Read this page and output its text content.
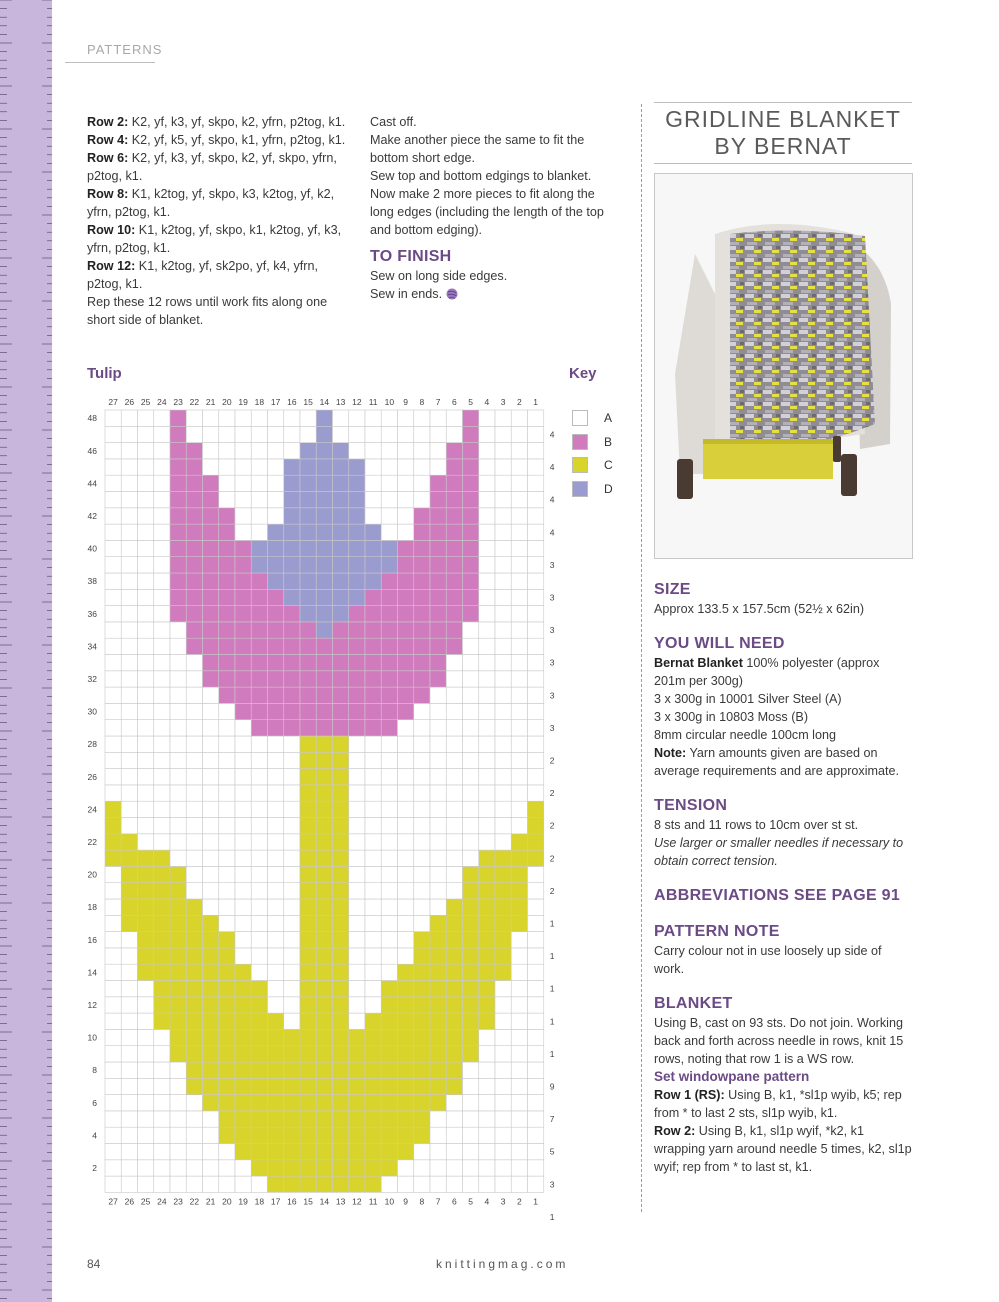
PATTERNS

Row 2: K2, yf, k3, yf, skpo, k2, yfrn, p2tog, k1.

Row 4: K2, yf, k5, yf, skpo, k1, yfrn, p2tog, k1.

Row 6: K2, yf, k3, yf, skpo, k2, yf, skpo, yfrn, p2tog, k1.

Row 8: K1, k2tog, yf, skpo, k3, k2tog, yf, k2, yfrn, p2tog, k1.

Row 10: K1, k2tog, yf, skpo, k1, k2tog, yf, k3, yfrn, p2tog, k1.

Row 12: K1, k2tog, yf, sk2po, yf, k4, yfrn, p2tog, k1.

Rep these 12 rows until work fits along one short side of blanket.

Cast off.

Make another piece the same to fit the bottom short edge.

Sew top and bottom edgings to blanket.

Now make 2 more pieces to fit along the long edges (including the length of the top and bottom edging).

TO FINISH

Sew on long side edges.

Sew in ends.

GRIDLINE BLANKET
BY BERNAT

SIZE

Approx 133.5 x 157.5cm (52½ x 62in)

YOU WILL NEED

Bernat Blanket 100% polyester (approx 201m per 300g)

3 x 300g in 10001 Silver Steel (A)

3 x 300g in 10803 Moss (B)

8mm circular needle 100cm long

Note: Yarn amounts given are based on average requirements and are approximate.

TENSION

8 sts and 11 rows to 10cm over st st.

Use larger or smaller needles if necessary to obtain correct tension.

ABBREVIATIONS SEE PAGE 91

PATTERN NOTE

Carry colour not in use loosely up side of work.

BLANKET

Using B, cast on 93 sts. Do not join. Working back and forth across needle in rows, knit 15 rows, noting that row 1 is a WS row.

Set windowpane pattern

Row 1 (RS): Using B, k1, *sl1p wyib, k5; rep from * to last 2 sts, sl1p wyib, k1.

Row 2: Using B, k1, sl1p wyif, *k2, k1 wrapping yarn around needle 5 times, k2, sl1p wyif; rep from * to last st, k1.

Tulip	Key
27
27
26
26
25
25
24
24
23
23
22
22
21
21
20
20
19
19
18
18
17
17
16
16
15
15
14
14
13
13
12
12
11
11
10
10
9
9
8
8
7
7
6
6
5
5
4
4
3
3
2
2
1
1
48
46
44
42
40
38
36
34
32
30
28
26
24
22
20
18
16
14
12
10
8
6
4
2
4
4
4
4
3
3
3
3
3
3
2
2
2
2
2
1
1
1
1
1
9
7
5
3
1
A
B
C
D
84	knittingmag.com
